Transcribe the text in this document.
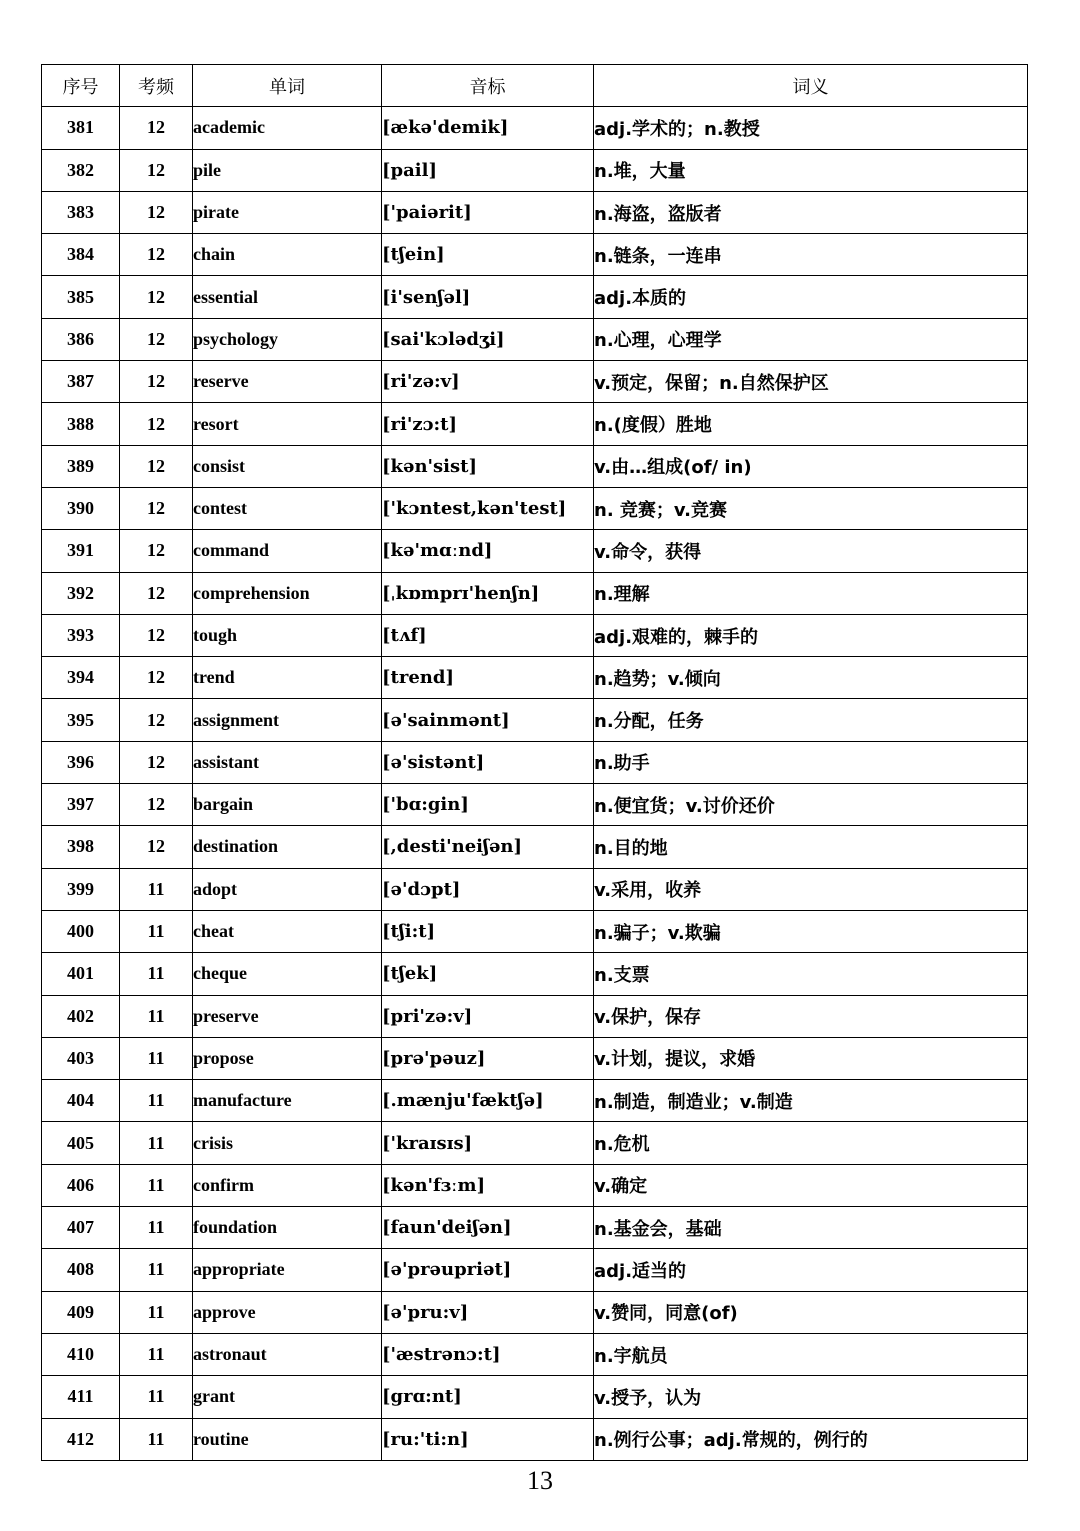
序号	考频	单词	音标	词义
381	12	academic	[ækə'demik]	adj.学术的；n.教授
382	12	pile	[pail]	n.堆，大量
383	12	pirate	['paiərit]	n.海盗，盗版者
384	12	chain	[tʃein]	n.链条，一连串
385	12	essential	[i'senʃəl]	adj.本质的
386	12	psychology	[sai'kɔlədʒi]	n.心理，心理学
387	12	reserve	[ri'zə:v]	v.预定，保留；n.自然保护区
388	12	resort	[ri'zɔ:t]	n.(度假）胜地
389	12	consist	[kən'sist]	v.由…组成(of/ in)
390	12	contest	['kɔntest,kən'test]	n. 竞赛；v.竞赛
391	12	command	[kə'mɑːnd]	v.命令，获得
392	12	comprehension	[ˌkɒmprɪ'henʃn]	n.理解
393	12	tough	[tʌf]	adj.艰难的，棘手的
394	12	trend	[trend]	n.趋势；v.倾向
395	12	assignment	[ə'sainmənt]	n.分配，任务
396	12	assistant	[ə'sistənt]	n.助手
397	12	bargain	['bɑ:gin]	n.便宜货；v.讨价还价
398	12	destination	[,desti'neiʃən]	n.目的地
399	11	adopt	[ə'dɔpt]	v.采用，收养
400	11	cheat	[tʃi:t]	n.骗子；v.欺骗
401	11	cheque	[tʃek]	n.支票
402	11	preserve	[pri'zə:v]	v.保护，保存
403	11	propose	[prə'pəuz]	v.计划，提议，求婚
404	11	manufacture	[.mænju'fæktʃə]	n.制造，制造业；v.制造
405	11	crisis	['kraɪsɪs]	n.危机
406	11	confirm	[kən'fɜːm]	v.确定
407	11	foundation	[faun'deiʃən]	n.基金会，基础
408	11	appropriate	[ə'prəupriət]	adj.适当的
409	11	approve	[ə'pru:v]	v.赞同，同意(of)
410	11	astronaut	['æstrənɔ:t]	n.宇航员
411	11	grant	[grɑ:nt]	v.授予，认为
412	11	routine	[ru:'ti:n]	n.例行公事；adj.常规的，例行的
13
